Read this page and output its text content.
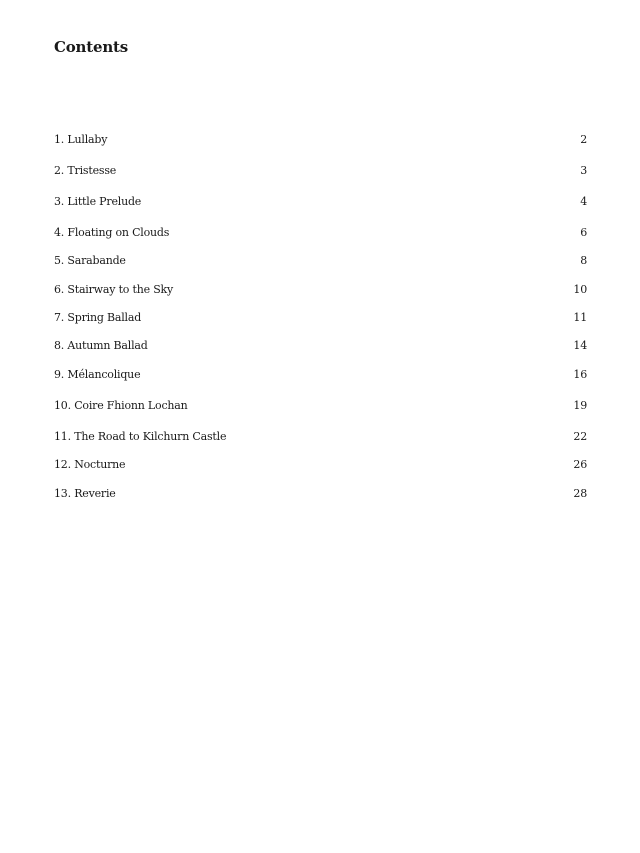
Contents
1. Lullaby	2
2. Tristesse	3
3. Little Prelude	4
4. Floating on Clouds	6
5. Sarabande	8
6. Stairway to the Sky	10
7. Spring Ballad	11
8. Autumn Ballad	14
9. Mélancolique	16
10. Coire Fhionn Lochan	19
11. The Road to Kilchurn Castle	22
12. Nocturne	26
13. Reverie	28
